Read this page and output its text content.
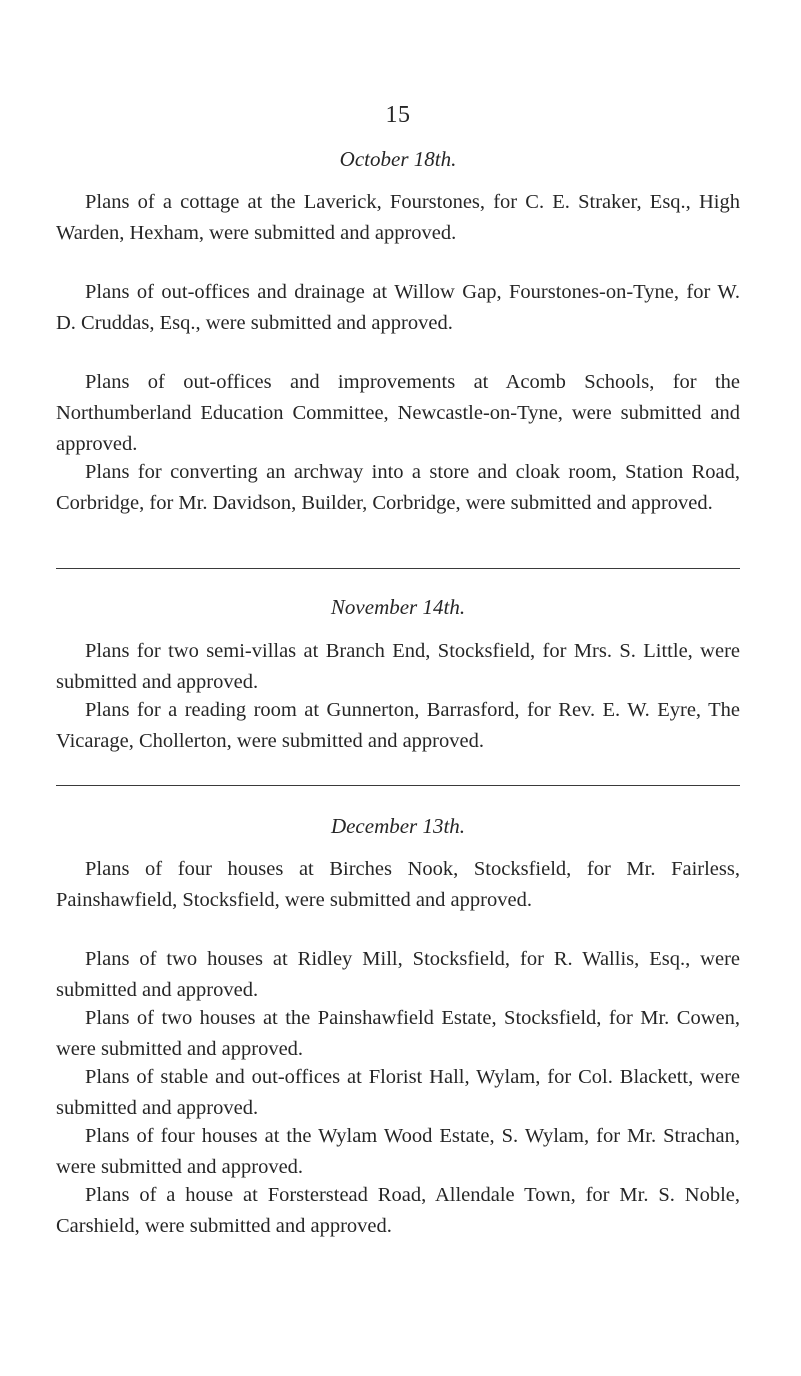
15
October 18th.

Plans of a cottage at the Laverick, Fourstones, for C. E. Straker, Esq., High Warden, Hexham, were submitted and approved.

Plans of out-offices and drainage at Willow Gap, Fourstones-on-Tyne, for W. D. Cruddas, Esq., were submitted and approved.

Plans of out-offices and improvements at Acomb Schools, for the Northumberland Education Committee, Newcastle-on-Tyne, were submitted and approved.

Plans for converting an archway into a store and cloak room, Station Road, Corbridge, for Mr. Davidson, Builder, Corbridge, were submitted and approved.

November 14th.

Plans for two semi-villas at Branch End, Stocksfield, for Mrs. S. Little, were submitted and approved.

Plans for a reading room at Gunnerton, Barrasford, for Rev. E. W. Eyre, The Vicarage, Chollerton, were submitted and approved.

December 13th.

Plans of four houses at Birches Nook, Stocksfield, for Mr. Fairless, Painshawfield, Stocksfield, were submitted and approved.

Plans of two houses at Ridley Mill, Stocksfield, for R. Wallis, Esq., were submitted and approved.

Plans of two houses at the Painshawfield Estate, Stocksfield, for Mr. Cowen, were submitted and approved.

Plans of stable and out-offices at Florist Hall, Wylam, for Col. Blackett, were submitted and approved.

Plans of four houses at the Wylam Wood Estate, S. Wylam, for Mr. Strachan, were submitted and approved.

Plans of a house at Forsterstead Road, Allendale Town, for Mr. S. Noble, Carshield, were submitted and approved.
